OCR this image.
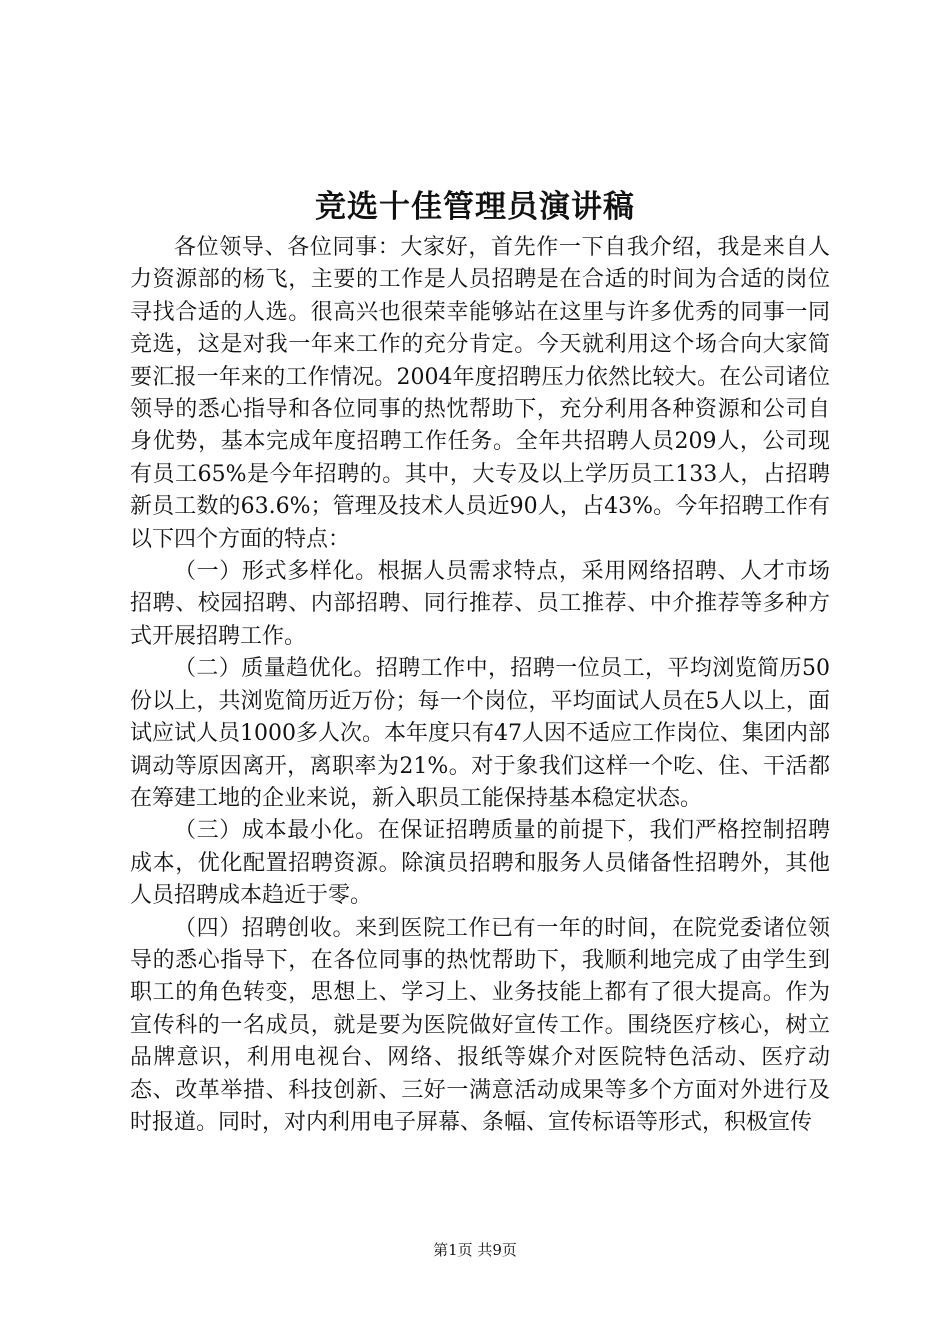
竞选十佳管理员演讲稿

各位领导、各位同事：大家好，首先作一下自我介绍，我是来自人力资源部的杨飞，主要的工作是人员招聘是在合适的时间为合适的岗位寻找合适的人选。很高兴也很荣幸能够站在这里与许多优秀的同事一同竞选，这是对我一年来工作的充分肯定。今天就利用这个场合向大家简要汇报一年来的工作情况。2004年度招聘压力依然比较大。在公司诸位领导的悉心指导和各位同事的热忱帮助下，充分利用各种资源和公司自身优势，基本完成年度招聘工作任务。全年共招聘人员209人，公司现有员工65%是今年招聘的。其中，大专及以上学历员工133人，占招聘新员工数的63.6%；管理及技术人员近90人，占43%。今年招聘工作有以下四个方面的特点：

（一）形式多样化。根据人员需求特点，采用网络招聘、人才市场招聘、校园招聘、内部招聘、同行推荐、员工推荐、中介推荐等多种方式开展招聘工作。

（二）质量趋优化。招聘工作中，招聘一位员工，平均浏览简历50份以上，共浏览简历近万份；每一个岗位，平均面试人员在5人以上，面试应试人员1000多人次。本年度只有47人因不适应工作岗位、集团内部调动等原因离开，离职率为21%。对于象我们这样一个吃、住、干活都在筹建工地的企业来说，新入职员工能保持基本稳定状态。

（三）成本最小化。在保证招聘质量的前提下，我们严格控制招聘成本，优化配置招聘资源。除演员招聘和服务人员储备性招聘外，其他人员招聘成本趋近于零。

（四）招聘创收。来到医院工作已有一年的时间，在院党委诸位领导的悉心指导下，在各位同事的热忱帮助下，我顺利地完成了由学生到职工的角色转变，思想上、学习上、业务技能上都有了很大提高。作为宣传科的一名成员，就是要为医院做好宣传工作。围绕医疗核心，树立品牌意识，利用电视台、网络、报纸等媒介对医院特色活动、医疗动态、改革举措、科技创新、三好一满意活动成果等多个方面对外进行及时报道。同时，对内利用电子屏幕、条幅、宣传标语等形式，积极宣传

第1页 共9页
